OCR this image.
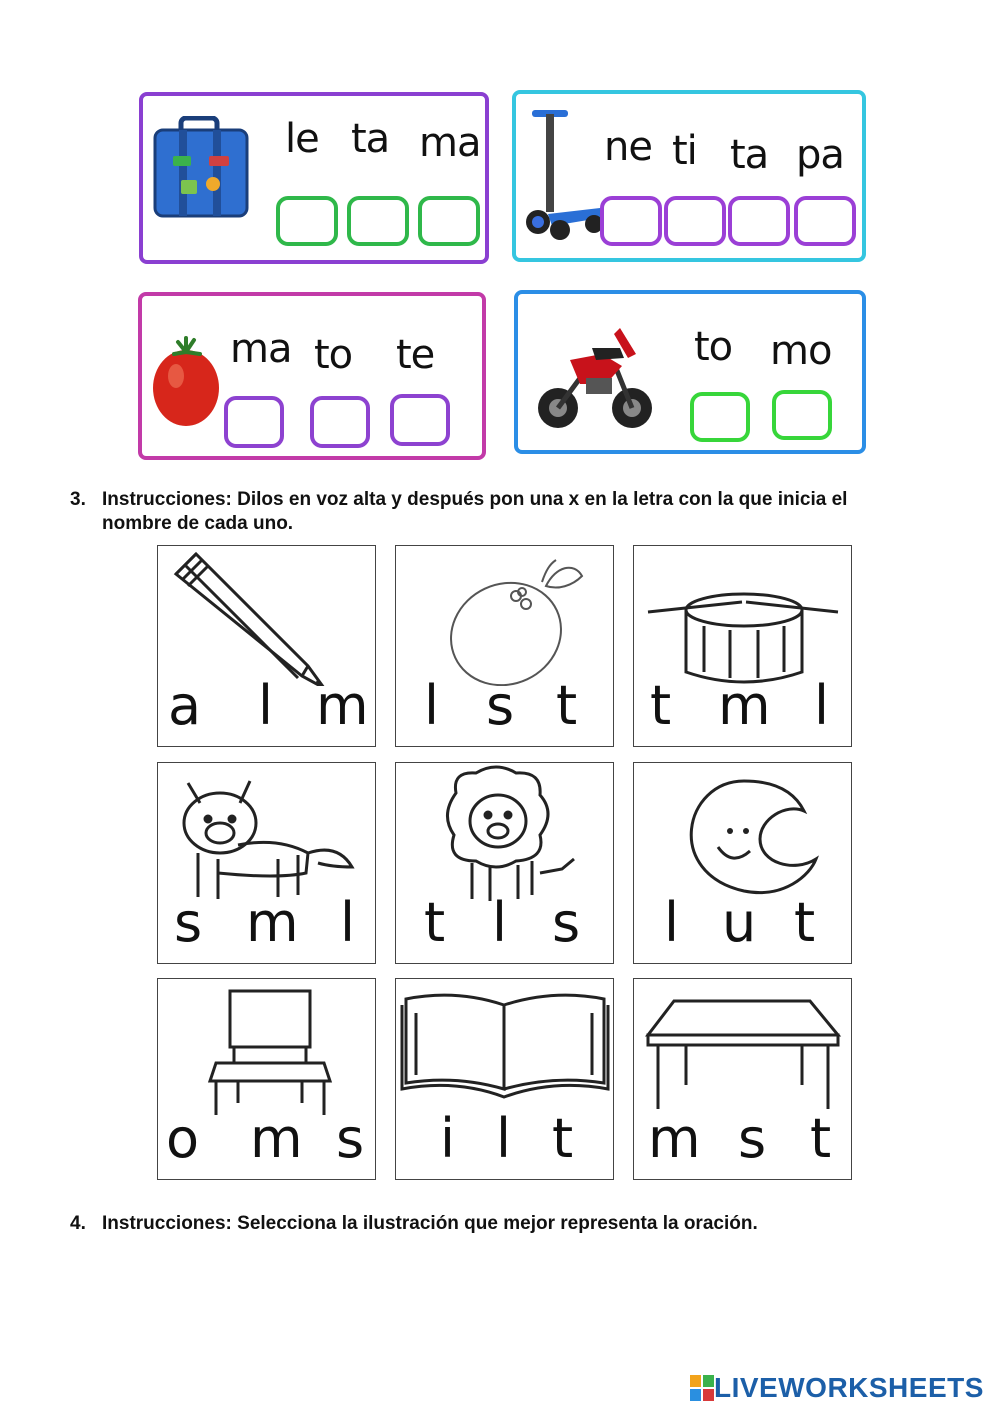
le ta ma	ne ti ta pa
ma to te	to mo
3. Instrucciones: Dilos en voz alta y después pon una x en la letra con la que inicia el
nombre de cada uno.
a l m l s t t m l
s m l t l s l u t
o m s i l t m s t
4. Instrucciones: Selecciona la ilustración que mejor representa la oración.
LIVEWORKSHEETS
